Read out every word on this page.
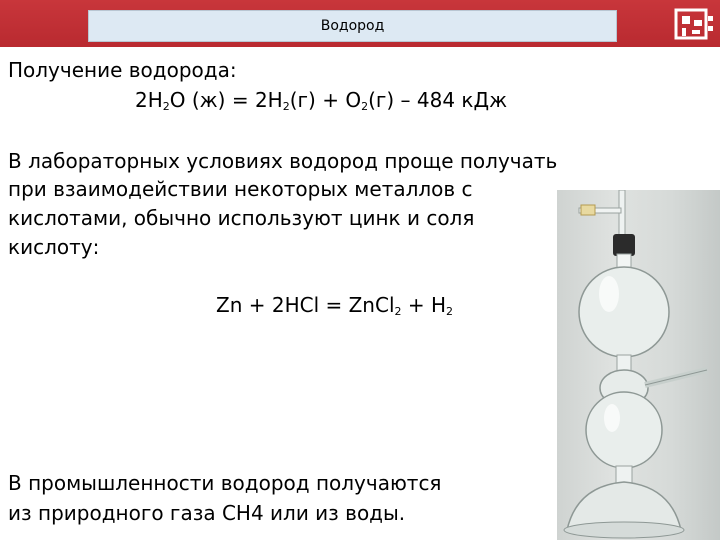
Водород
Получение водорода:
$2H_2O$ $(ж) = 2H_2(г) + O_2(г) - 484$ кДж
В лабораторных условиях водород проще получать
при взаимодействии некоторых металлов с
кислотами, обычно используют цинк и соля
кислоту:
Zn + 2HCl = ZnCl$_2$ + $H_2$
В промышленности водород получаются
из природного газа CH4 или из воды.
